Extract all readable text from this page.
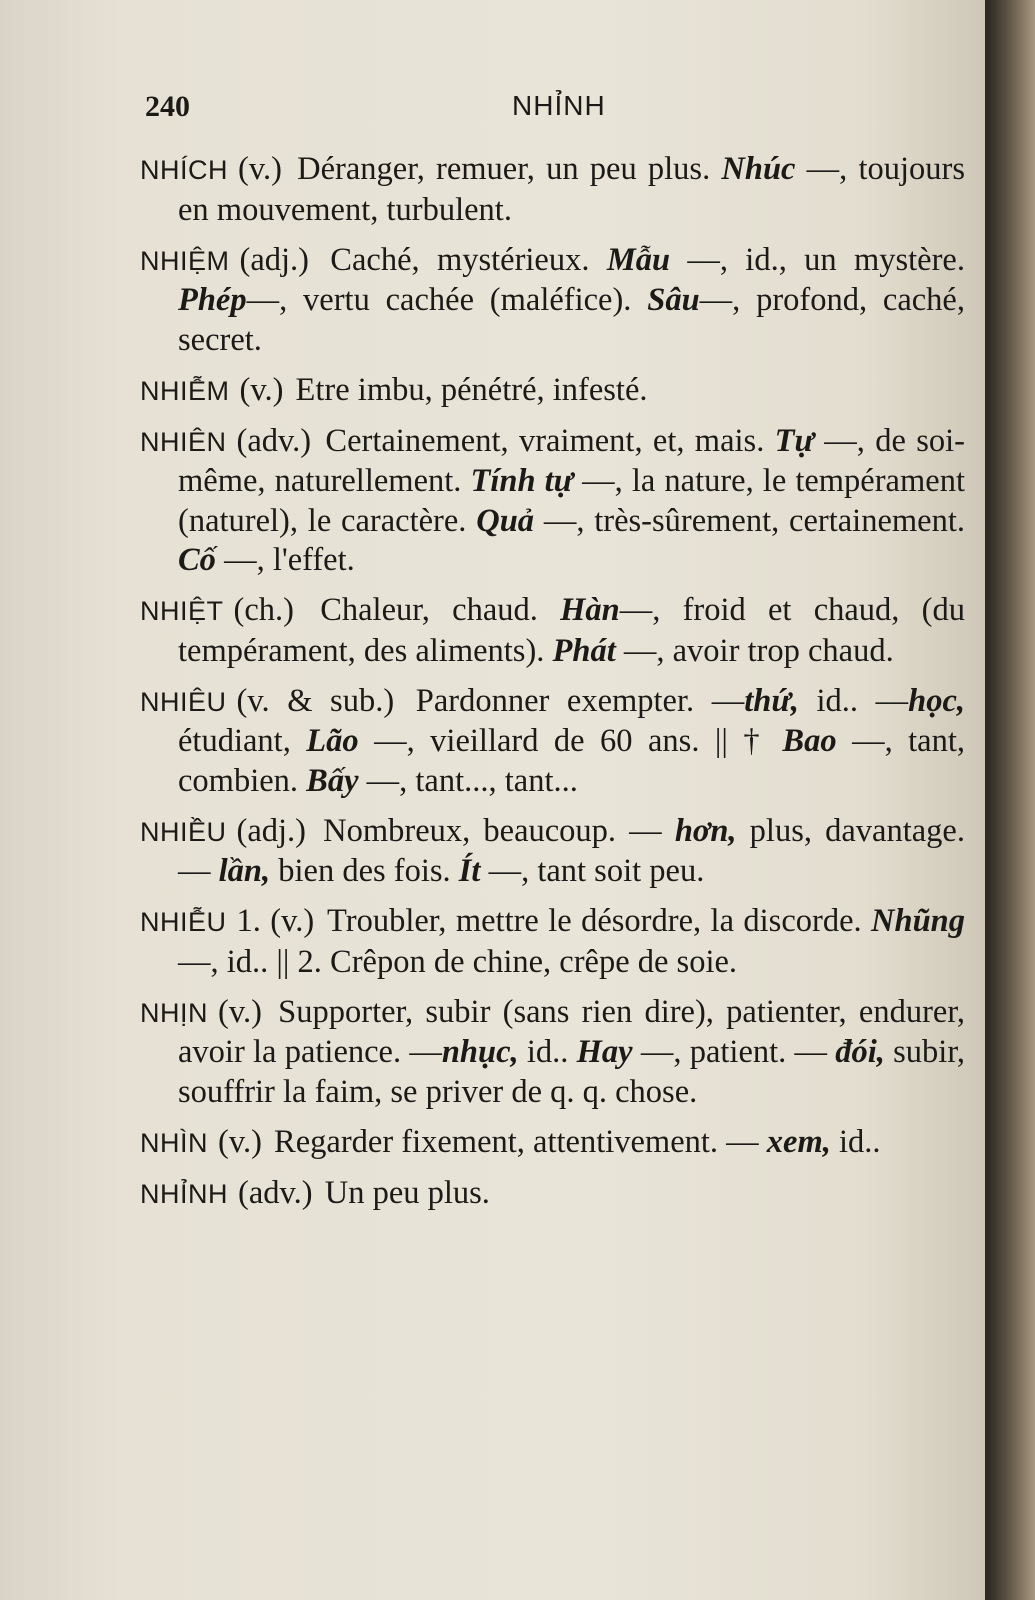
240	NHỈNH

NHÍCH (v.) Déranger, remuer, un peu plus. Nhúc —, toujours en mouvement, turbulent.

NHIỆM (adj.) Caché, mystérieux. Mẫu —, id., un mystère. Phép—, vertu cachée (maléfice). Sâu—, profond, caché, secret.

NHIỄM (v.) Etre imbu, pénétré, infesté.

NHIÊN (adv.) Certainement, vraiment, et, mais. Tự —, de soi-même, naturellement. Tính tự —, la nature, le tempérament (naturel), le caractère. Quả —, très-sûrement, certainement. Cố —, l'effet.

NHIỆT (ch.) Chaleur, chaud. Hàn—, froid et chaud, (du tempérament, des aliments). Phát —, avoir trop chaud.

NHIÊU (v. & sub.) Pardonner exempter. —thứ, id.. —học, étudiant, Lão —, vieillard de 60 ans. || † Bao —, tant, combien. Bấy —, tant..., tant...

NHIỀU (adj.) Nombreux, beaucoup. — hơn, plus, davantage. — lần, bien des fois. Ít —, tant soit peu.

NHIỄU 1. (v.) Troubler, mettre le désordre, la discorde. Nhũng —, id.. || 2. Crêpon de chine, crêpe de soie.

NHỊN (v.) Supporter, subir (sans rien dire), patienter, endurer, avoir la patience. —nhục, id.. Hay —, patient. — đói, subir, souffrir la faim, se priver de q. q. chose.

NHÌN (v.) Regarder fixement, attentivement. — xem, id..

NHỈNH (adv.) Un peu plus.
